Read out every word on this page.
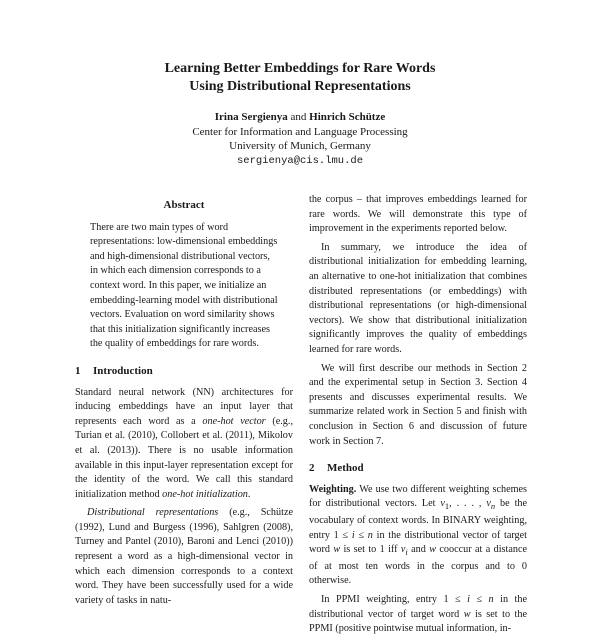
Learning Better Embeddings for Rare Words
Using Distributional Representations
Irina Sergienya and Hinrich Schütze
Center for Information and Language Processing
University of Munich, Germany
sergienya@cis.lmu.de
Abstract

There are two main types of word representations: low-dimensional embeddings and high-dimensional distributional vectors, in which each dimension corresponds to a context word. In this paper, we initialize an embedding-learning model with distributional vectors. Evaluation on word similarity shows that this initialization significantly increases the quality of embeddings for rare words.

1 Introduction

Standard neural network (NN) architectures for inducing embeddings have an input layer that represents each word as a one-hot vector (e.g., Turian et al. (2010), Collobert et al. (2011), Mikolov et al. (2013)). There is no usable information available in this input-layer representation except for the identity of the word. We call this standard initialization method one-hot initialization.

Distributional representations (e.g., Schütze (1992), Lund and Burgess (1996), Sahlgren (2008), Turney and Pantel (2010), Baroni and Lenci (2010)) represent a word as a high-dimensional vector in which each dimension corresponds to a context word. They have been successfully used for a wide variety of tasks in natu-

the corpus – that improves embeddings learned for rare words. We will demonstrate this type of improvement in the experiments reported below.

In summary, we introduce the idea of distributional initialization for embedding learning, an alternative to one-hot initialization that combines distributed representations (or embeddings) with distributional representations (or high-dimensional vectors). We show that distributional initialization significantly improves the quality of embeddings learned for rare words.

We will first describe our methods in Section 2 and the experimental setup in Section 3. Section 4 presents and discusses experimental results. We summarize related work in Section 5 and finish with conclusion in Section 6 and discussion of future work in Section 7.

2 Method

Weighting. We use two different weighting schemes for distributional vectors. Let $v_1$, . . . , $v_n$ be the vocabulary of context words. In BINARY weighting, entry 1 ≤ i ≤ n in the distributional vector of target word w is set to 1 iff $v_i$ and w cooccur at a distance of at most ten words in the corpus and to 0 otherwise.

In PPMI weighting, entry 1 ≤ i ≤ n in the distributional vector of target word w is set to the PPMI (positive pointwise mutual information, in-
